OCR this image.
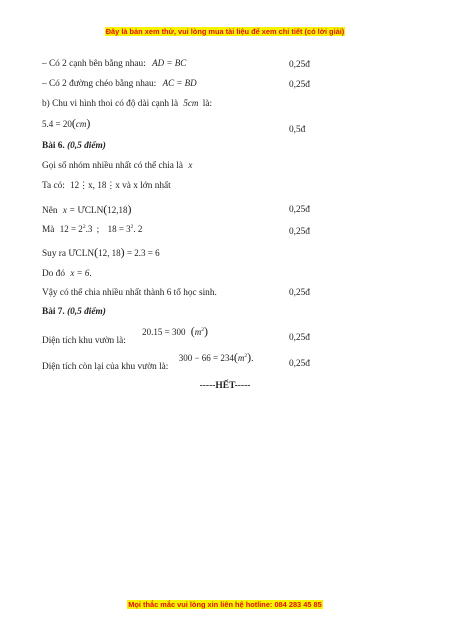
Đây là bản xem thử, vui lòng mua tài liệu để xem chi tiết (có lời giải)
– Có 2 cạnh bên bằng nhau: AD = BC	0,25đ
– Có 2 đường chéo bằng nhau: AC = BD	0,25đ
b) Chu vi hình thoi có độ dài cạnh là 5cm là:
5.4 = 20(cm)	0,5đ
Bài 6. (0,5 điểm)
Gọi số nhóm nhiều nhất có thể chia là x
Ta có: 12⋮x, 18⋮x và x lớn nhất
Nên x = ƯCLN(12,18)	0,25đ
Mà $12 = 2^2.3$ ; $18 = 3^2$. 2	0,25đ
Suy ra ƯCLN(12, 18) = 2.3 = 6
Do đó x = 6.
Vậy có thể chia nhiều nhất thành 6 tổ học sinh.	0,25đ
Bài 7. (0,5 điểm)
Diện tích khu vườn là: 20.15 = 300 $(m^2)$	0,25đ
Diện tích còn lại của khu vườn là: $300 - 66 = 234(m^2)$.	0,25đ
-----HẾT-----
Mọi thắc mắc vui lòng xin liên hệ hotline: 084 283 45 85
